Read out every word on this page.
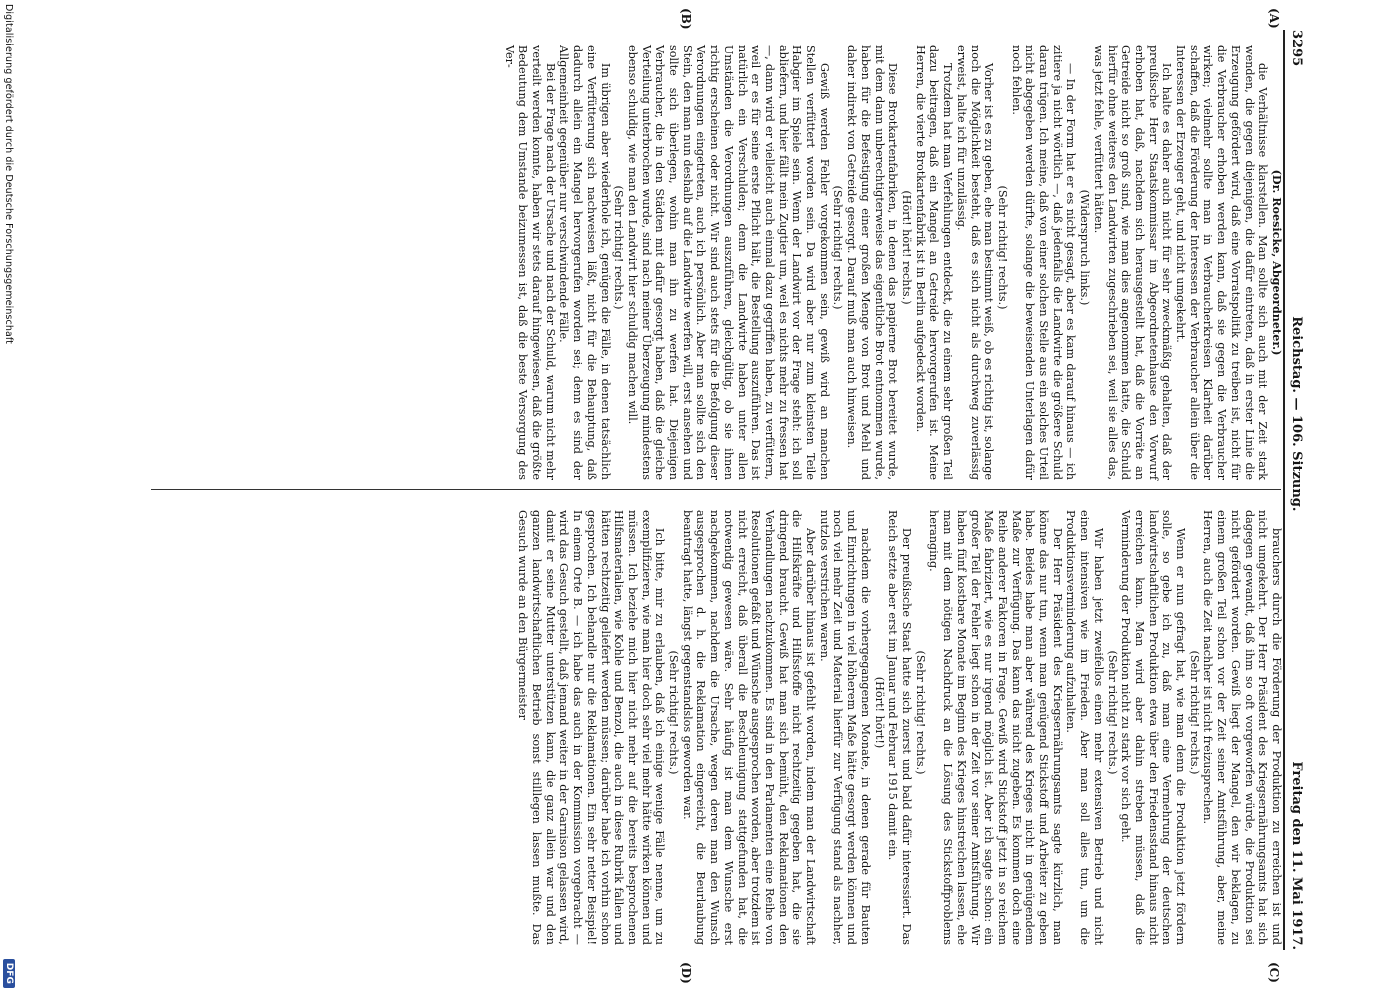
3295
Reichstag. — 106. Sitzung.
Freitag den 11. Mai 1917.
(A)
(B)
(C)
(D)

(Dr. Roesicke, Abgeordneter.)

die Verhältnisse klarstellen. Man sollte sich auch mit der Zeit stark wenden, die gegen diejenigen, die dafür eintreten, daß in erster Linie die Erzeugung gefördert wird, daß eine Vorratspolitik zu treiben ist, nicht für die Verbraucher erhoben werden kann, daß sie gegen die Verbraucher wirken; vielmehr sollte man in Verbraucherkreisen Klarheit darüber schaffen, daß die Förderung der Interessen der Verbraucher allein über die Interessen der Erzeuger geht, und nicht umgekehrt.

Ich halte es daher auch nicht für sehr zweckmäßig gehalten, daß der preußische Herr Staatskommissar im Abgeordnetenhause den Vorwurf erhoben hat, daß, nachdem sich herausgestellt hat, daß die Vorräte an Getreide nicht so groß sind, wie man dies angenommen hatte, die Schuld hierfür ohne weiteres den Landwirten zugeschrieben sei, weil sie alles das, was jetzt fehle, verfüttert hätten.

(Widerspruch links.)

— In der Form hat er es nicht gesagt, aber es kam darauf hinaus — ich zitiere ja nicht wörtlich —, daß jedenfalls die Landwirte die größere Schuld daran trügen. Ich meine, daß von einer solchen Stelle aus ein solches Urteil nicht abgegeben werden dürfte, solange die beweisenden Unterlagen dafür noch fehlen.

(Sehr richtig! rechts.)

Vorher ist es zu geben, ehe man bestimmt weiß, ob es richtig ist, solange noch die Möglichkeit besteht, daß es sich nicht als durchweg zuverlässig erweist, halte ich für unzulässig.

Trotzdem hat man Verfehlungen entdeckt, die zu einem sehr großen Teil dazu beitragen, daß ein Mangel an Getreide hervorgerufen ist. Meine Herren, die vierte Brotkartenfabrik ist in Berlin aufgedeckt worden.

(Hört! hört! rechts.)

Diese Brotkartenfabriken, in denen das papierne Brot bereitet wurde, mit dem dann unberechtigterweise das eigentliche Brot entnommen wurde, haben für die Befestigung einer großen Menge von Brot und Mehl und daher indirekt von Getreide gesorgt. Darauf muß man auch hinweisen.

(Sehr richtig! rechts.)

Gewiß werden Fehler vorgekommen sein, gewiß wird an manchen Stellen verfüttert worden sein. Da wird aber nur zum kleinsten Teile Habgier im Spiele sein. Wenn der Landwirt vor der Frage steht: ich soll abliefern, und hier fällt mein Zugtier um, weil es nichts mehr zu fressen hat —, dann wird er vielleicht auch einmal dazu gegriffen haben, zu verfüttern, weil er es für seine erste Pflicht hält, die Bestellung auszuführen. Das ist natürlich ein Verschulden; denn die Landwirte haben unter allen Umständen die Verordnungen auszuführen, gleichgültig, ob sie ihnen richtig erscheinen oder nicht. Wir sind auch stets für die Befolgung dieser Verordnungen eingetreten, auch ich persönlich. Aber man sollte sich den Stein, den man nun deshalb auf die Landwirte werfen will, erst ansehen und sollte sich überlegen, wohin man ihn zu werfen hat. Diejenigen Verbraucher, die in den Städten mit dafür gesorgt haben, daß die gleiche Verteilung unterbrochen wurde, sind nach meiner Überzeugung mindestens ebenso schuldig, wie man den Landwirt hier schuldig machen will.

(Sehr richtig! rechts.)

Im übrigen aber wiederhole ich, genügen die Fälle, in denen tatsächlich eine Verfütterung sich nachweisen läßt, nicht für die Behauptung, daß dadurch allein ein Mangel hervorgerufen worden sei; denn es sind der Allgemeinheit gegenüber nur verschwindende Fälle.

Bei der Frage nach der Ursache und nach der Schuld, warum nicht mehr verteilt werden konnte, haben wir stets darauf hingewiesen, daß die größte Bedeutung dem Umstande beizumessen ist, daß die beste Versorgung des Ver-

brauchers durch die Förderung der Produktion zu erreichen ist und nicht umgekehrt. Der Herr Präsident des Kriegsernährungsamts hat sich dagegen gewandt, daß ihm so oft vorgeworfen würde, die Produktion sei nicht gefördert worden. Gewiß liegt der Mangel, den wir beklagen, zu einem großen Teil schon vor der Zeit seiner Amtsführung, aber, meine Herren, auch die Zeit nachher ist nicht freizusprechen.

(Sehr richtig! rechts.)

Wenn er nun gefragt hat, wie man denn die Produktion jetzt fördern solle, so gebe ich zu, daß man eine Vermehrung der deutschen landwirtschaftlichen Produktion etwa über den Friedensstand hinaus nicht erreichen kann. Man wird aber dahin streben müssen, daß die Verminderung der Produktion nicht zu stark vor sich geht.

(Sehr richtig! rechts.)

Wir haben jetzt zweifellos einen mehr extensiven Betrieb und nicht einen intensiven wie im Frieden. Aber man soll alles tun, um die Produktionsverminderung aufzuhalten.

Der Herr Präsident des Kriegsernährungsamts sagte kürzlich, man könne das nur tun, wenn man genügend Stickstoff und Arbeiter zu geben habe. Beides habe man aber während des Krieges nicht in genügendem Maße zur Verfügung. Das kann das nicht zugeben. Es kommen doch eine Reihe anderer Faktoren in Frage. Gewiß wird Stickstoff jetzt in so reichem Maße fabriziert, wie es nur irgend möglich ist. Aber ich sagte schon: ein großer Teil der Fehler liegt schon in der Zeit vor seiner Amtsführung. Wir haben fünf kostbare Monate im Beginn des Krieges hinstreichen lassen, ehe man mit dem nötigen Nachdruck an die Lösung des Stickstoffproblems heranging.

(Sehr richtig! rechts.)

Der preußische Staat hatte sich zuerst und bald dafür interessiert. Das Reich setzte aber erst im Januar und Februar 1915 damit ein.

(Hört! hört!)

nachdem die vorhergegangenen Monate, in denen gerade für Bauten und Einrichtungen in viel höherem Maße hätte gesorgt werden können und noch viel mehr Zeit und Material hierfür zur Verfügung stand als nachher, nutzlos verstrichen waren.

Aber darüber hinaus ist gefehlt worden, indem man der Landwirtschaft die Hilfskräfte und Hilfsstoffe nicht rechtzeitig gegeben hat, die sie dringend braucht. Gewiß hat man sich bemüht, den Reklamationen den Verhandlungen nachzukommen. Es sind in den Parlamenten eine Reihe von Resolutionen gefaßt und Wünsche ausgesprochen worden, aber trotzdem ist nicht erreicht, daß überall die Beschleunigung stattgefunden hat, die notwendig gewesen wäre. Sehr häufig ist man dem Wunsche erst nachgekommen, nachdem die Ursache, wegen deren man den Wunsch ausgesprochen d. h. die Reklamation eingereicht, die Beurlaubung beantragt hatte, längst gegenstandslos geworden war.

(Sehr richtig! rechts.)

Ich bitte, mir zu erlauben, daß ich einige wenige Fälle nenne, um zu exemplifizieren, wie man hier doch sehr viel mehr hätte wirken können und müssen. Ich beziehe mich hier nicht mehr auf die bereits besprochenen Hilfsmaterialien, wie Kohle und Benzol, die auch in diese Rubrik fallen und hätten rechtzeitig geliefert werden müssen; darüber habe ich vorhin schon gesprochen. Ich behandle nur die Reklamationen. Ein sehr netter Beispiel! In einem Orte B. — ich habe das auch in der Kommission vorgebracht — wird das Gesuch gestellt, daß jemand weiter in der Garnison gelassen wird, damit er seine Mutter unterstützen kann, die ganz allein war und den ganzen landwirtschaftlichen Betrieb sonst stilllegen lassen mußte. Das Gesuch wurde an den Bürgermeister

Digitalisierung gefördert durch die Deutsche Forschungsgemeinschaft
DFG
